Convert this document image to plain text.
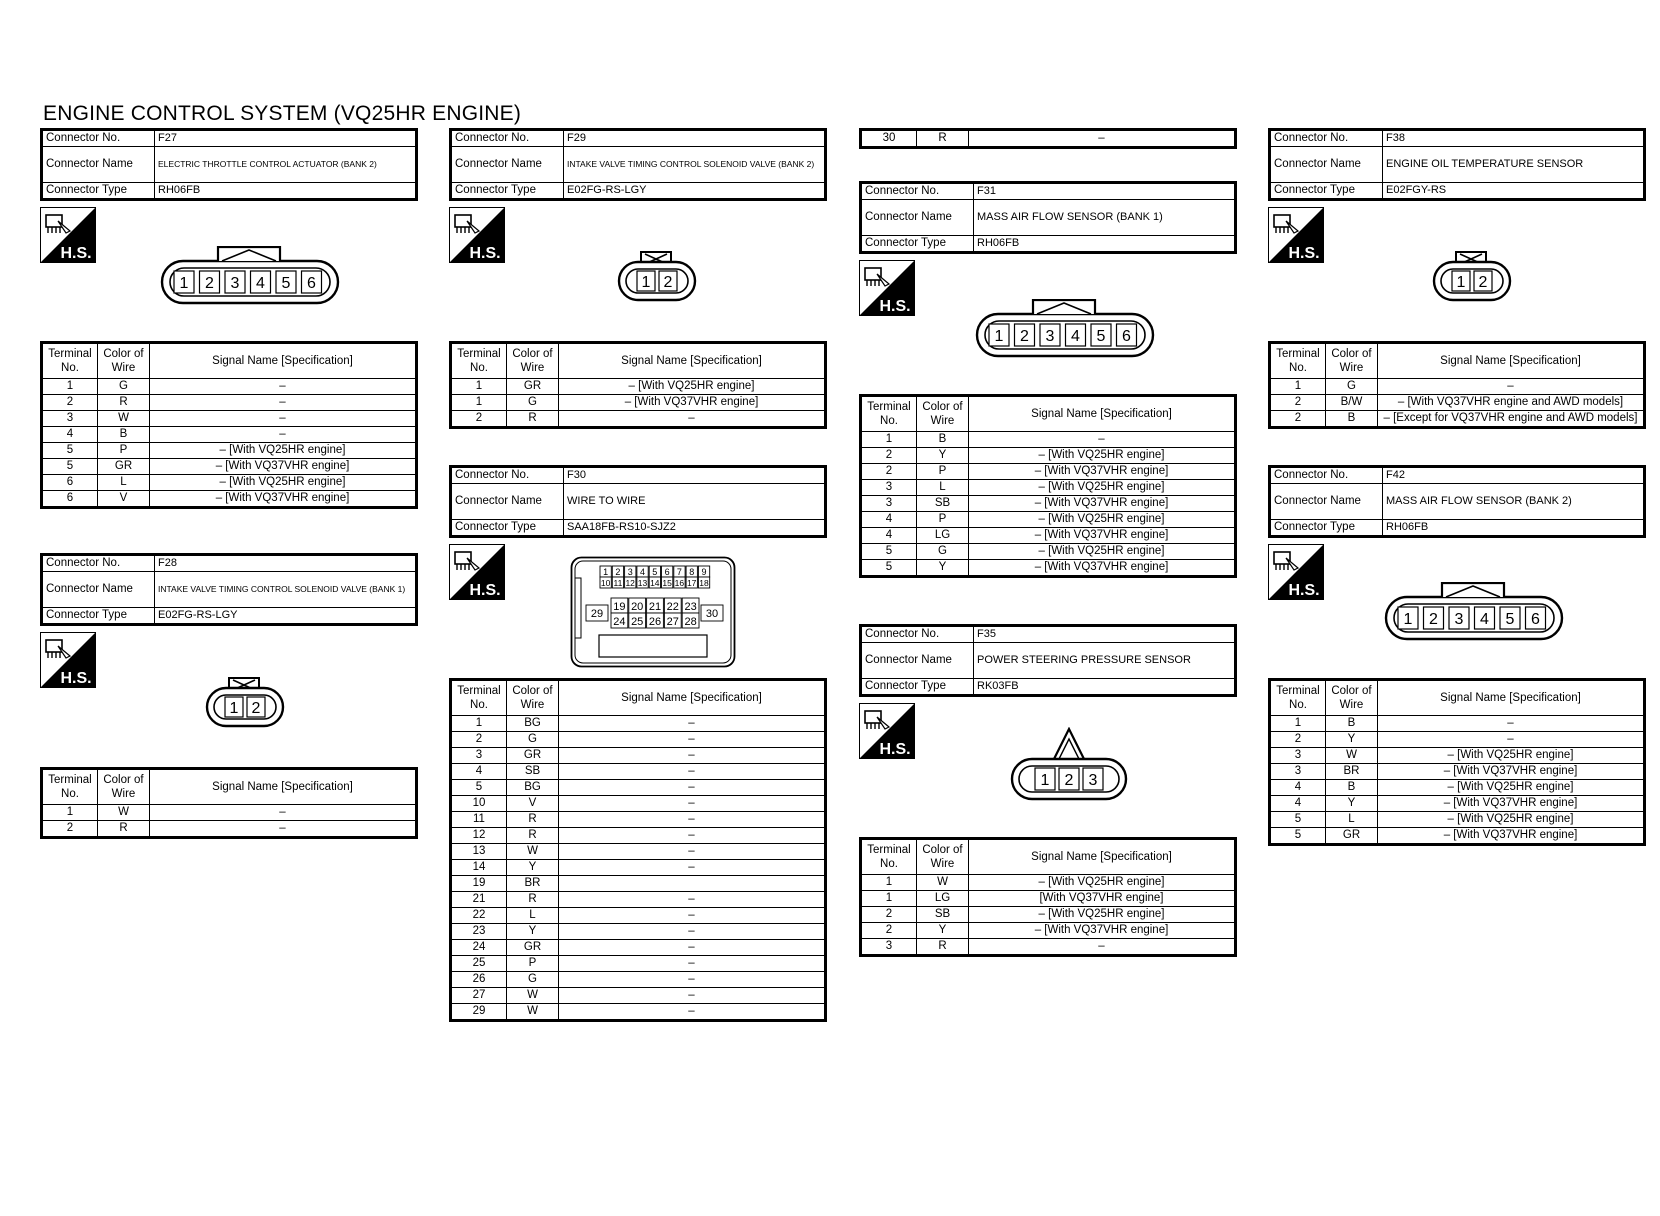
ENGINE CONTROL SYSTEM (VQ25HR ENGINE)
Connector No.	F27
Connector Name	ELECTRIC THROTTLE CONTROL ACTUATOR (BANK 2)
Connector Type	RH06FB
H.S.
1 2 3 4 5 6
Terminal No.	Color of Wire	Signal Name [Specification]
1	G	–
2	R	–
3	W	–
4	B	–
5	P	– [With VQ25HR engine]
5	GR	– [With VQ37VHR engine]
6	L	– [With VQ25HR engine]
6	V	– [With VQ37VHR engine]
Connector No.	F28
Connector Name	INTAKE VALVE TIMING CONTROL SOLENOID VALVE (BANK 1)
Connector Type	E02FG-RS-LGY
H.S.
1 2
Terminal No.	Color of Wire	Signal Name [Specification]
1	W	–
2	R	–
Connector No.	F29
Connector Name	INTAKE VALVE TIMING CONTROL SOLENOID VALVE (BANK 2)
Connector Type	E02FG-RS-LGY
H.S.
1 2
Terminal No.	Color of Wire	Signal Name [Specification]
1	GR	– [With VQ25HR engine]
1	G	– [With VQ37VHR engine]
2	R	–
Connector No.	F30
Connector Name	WIRE TO WIRE
Connector Type	SAA18FB-RS10-SJZ2
H.S.
1 2 3 4 5 6 7 8 9
10 11 12 13 14 15 16 17 18
19 20 21 22 23
24 25 26 27 28
29	30
Terminal No.	Color of Wire	Signal Name [Specification]
1	BG	–
2	G	–
3	GR	–
4	SB	–
5	BG	–
10	V	–
11	R	–
12	R	–
13	W	–
14	Y	–
19	BR	
21	R	–
22	L	–
23	Y	–
24	GR	–
25	P	–
26	G	–
27	W	–
29	W	–
30	R	–
Connector No.	F31
Connector Name	MASS AIR FLOW SENSOR (BANK 1)
Connector Type	RH06FB
H.S.
1 2 3 4 5 6
Terminal No.	Color of Wire	Signal Name [Specification]
1	B	–
2	Y	– [With VQ25HR engine]
2	P	– [With VQ37VHR engine]
3	L	– [With VQ25HR engine]
3	SB	– [With VQ37VHR engine]
4	P	– [With VQ25HR engine]
4	LG	– [With VQ37VHR engine]
5	G	– [With VQ25HR engine]
5	Y	– [With VQ37VHR engine]
Connector No.	F35
Connector Name	POWER STEERING PRESSURE SENSOR
Connector Type	RK03FB
H.S.
1 2 3
Terminal No.	Color of Wire	Signal Name [Specification]
1	W	– [With VQ25HR engine]
1	LG	[With VQ37VHR engine]
2	SB	– [With VQ25HR engine]
2	Y	– [With VQ37VHR engine]
3	R	–
Connector No.	F38
Connector Name	ENGINE OIL TEMPERATURE SENSOR
Connector Type	E02FGY-RS
H.S.
1 2
Terminal No.	Color of Wire	Signal Name [Specification]
1	G	–
2	B/W	– [With VQ37VHR engine and AWD models]
2	B	– [Except for VQ37VHR engine and AWD models]
Connector No.	F42
Connector Name	MASS AIR FLOW SENSOR (BANK 2)
Connector Type	RH06FB
H.S.
1 2 3 4 5 6
Terminal No.	Color of Wire	Signal Name [Specification]
1	B	–
2	Y	–
3	W	– [With VQ25HR engine]
3	BR	– [With VQ37VHR engine]
4	B	– [With VQ25HR engine]
4	Y	– [With VQ37VHR engine]
5	L	– [With VQ25HR engine]
5	GR	– [With VQ37VHR engine]
